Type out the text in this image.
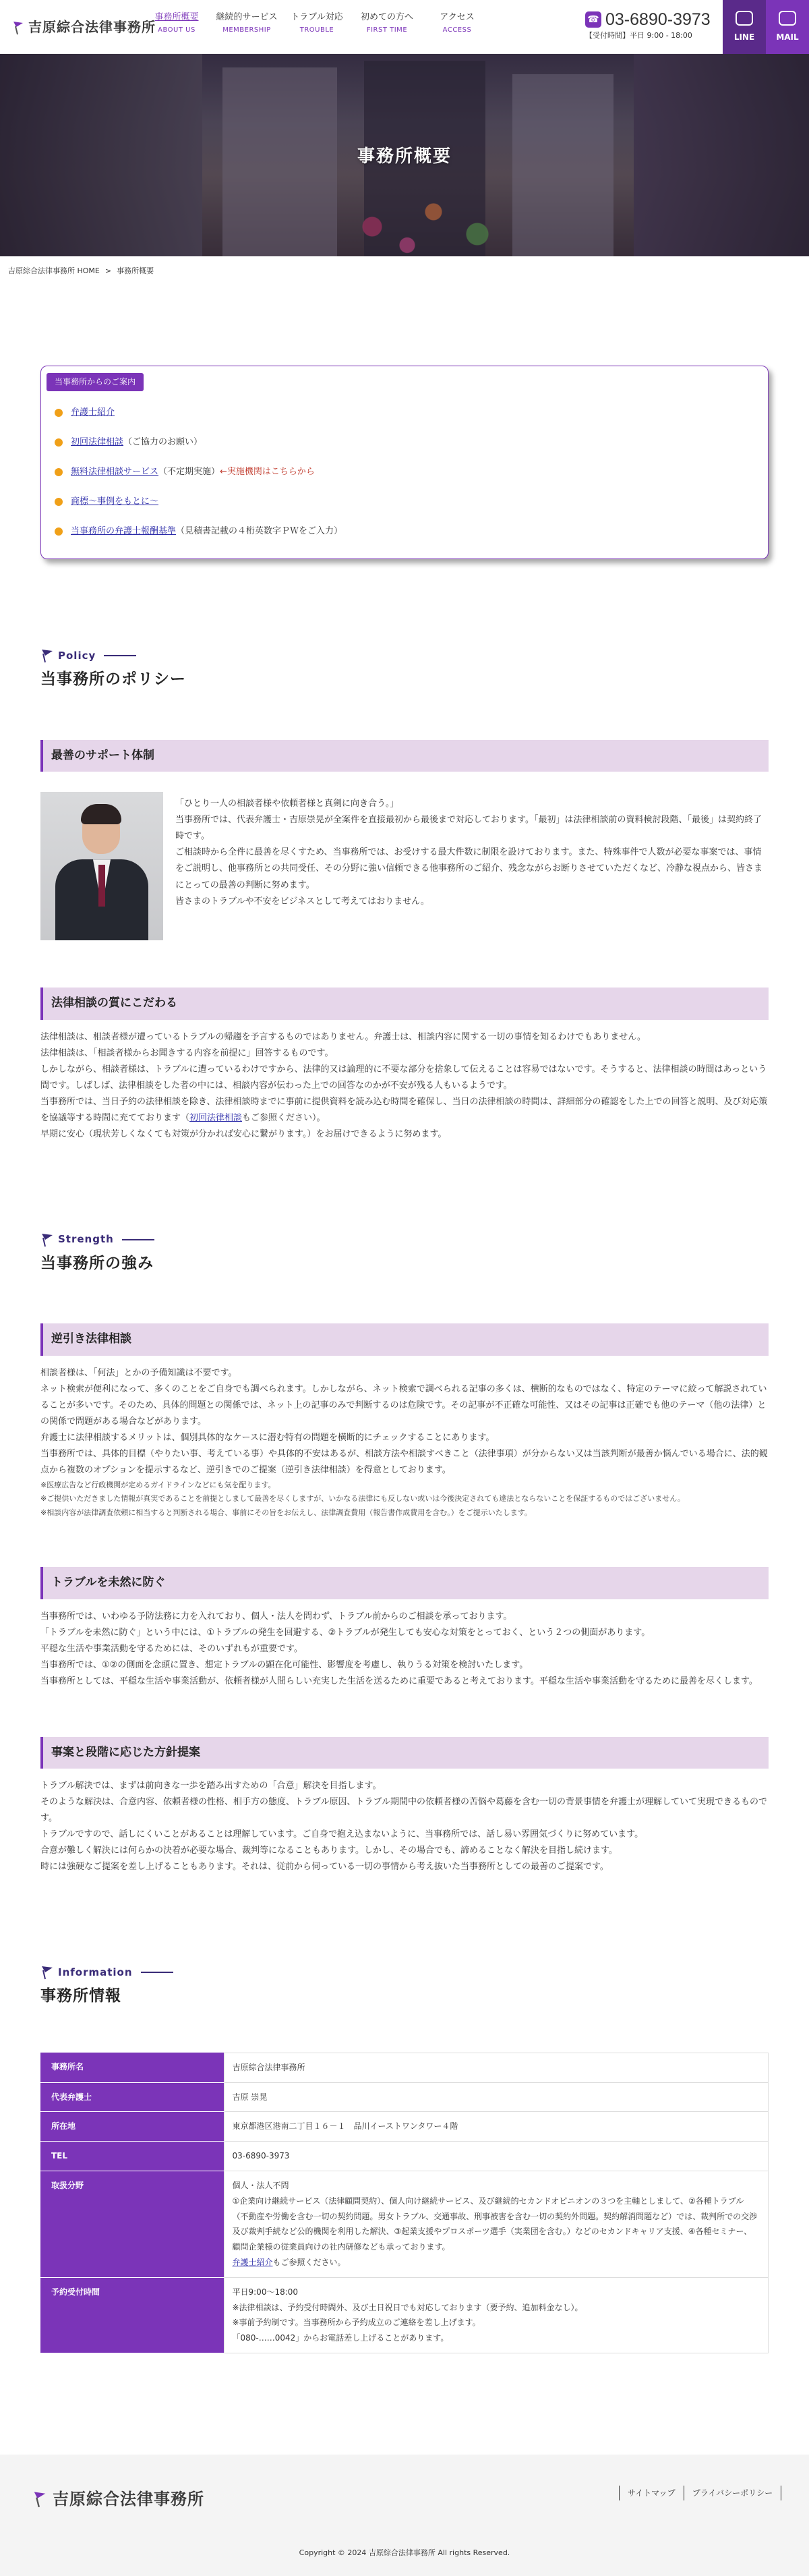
吉原綜合法律事務所
事務所概要
ABOUT US
継続的サービス
MEMBERSHIP
トラブル対応
TROUBLE
初めての方へ
FIRST TIME
アクセス
ACCESS
☎ 03-6890-3973
【受付時間】平日 9:00 - 18:00	LINE	MAIL
事務所概要
吉原綜合法律事務所 HOME > 事務所概要
当事務所からのご案内
弁護士紹介
初回法律相談（ご協力のお願い）
無料法律相談サービス（不定期実施）←実施機関はこちらから
商標〜事例をもとに〜
当事務所の弁護士報酬基準（見積書記載の４桁英数字ＰＷをご入力）
Policy
当事務所のポリシー
最善のサポート体制

「ひとり一人の相談者様や依頼者様と真剣に向き合う。」

当事務所では、代表弁護士・吉原崇晃が全案件を直接最初から最後まで対応しております。「最初」は法律相談前の資料検討段階、「最後」は契約終了時です。

ご相談時から全件に最善を尽くすため、当事務所では、お受けする最大件数に制限を設けております。また、特殊事件で人数が必要な事案では、事情をご説明し、他事務所との共同受任、その分野に強い信頼できる他事務所のご紹介、残念ながらお断りさせていただくなど、冷静な視点から、皆さまにとっての最善の判断に努めます。

皆さまのトラブルや不安をビジネスとして考えてはおりません。

法律相談の質にこだわる

法律相談は、相談者様が遭っているトラブルの帰趨を予言するものではありません。弁護士は、相談内容に関する一切の事情を知るわけでもありません。

法律相談は、「相談者様からお聞きする内容を前提に」回答するものです。

しかしながら、相談者様は、トラブルに遭っているわけですから、法律的又は論理的に不要な部分を捨象して伝えることは容易ではないです。そうすると、法律相談の時間はあっという間です。しばしば、法律相談をした者の中には、相談内容が伝わった上での回答なのかが不安が残る人もいるようです。

当事務所では、当日予約の法律相談を除き、法律相談時までに事前に提供資料を読み込む時間を確保し、当日の法律相談の時間は、詳細部分の確認をした上での回答と説明、及び対応策を協議等する時間に充てております（初回法律相談もご参照ください）。

早期に安心（現状芳しくなくても対策が分かれば安心に繋がります。）をお届けできるように努めます。

Strength
当事務所の強み
逆引き法律相談

相談者様は、「何法」とかの予備知識は不要です。

ネット検索が便利になって、多くのことをご自身でも調べられます。しかしながら、ネット検索で調べられる記事の多くは、横断的なものではなく、特定のテーマに絞って解説されていることが多いです。そのため、具体的問題との関係では、ネット上の記事のみで判断するのは危険です。その記事が不正確な可能性、又はその記事は正確でも他のテーマ（他の法律）との関係で問題がある場合などがあります。

弁護士に法律相談するメリットは、個別具体的なケースに潜む特有の問題を横断的にチェックすることにあります。

当事務所では、具体的目標（やりたい事、考えている事）や具体的不安はあるが、相談方法や相談すべきこと（法律事項）が分からない又は当該判断が最善か悩んでいる場合に、法的観点から複数のオプションを提示するなど、逆引きでのご提案（逆引き法律相談）を得意としております。

※医療広告など行政機関が定めるガイドラインなどにも気を配ります。

※ご提供いただきました情報が真実であることを前提としまして最善を尽くしますが、いかなる法律にも反しない或いは今後決定されても違法とならないことを保証するものではございません。

※相談内容が法律調査依頼に相当すると判断される場合、事前にその旨をお伝えし、法律調査費用（報告書作成費用を含む。）をご提示いたします。

トラブルを未然に防ぐ

当事務所では、いわゆる予防法務に力を入れており、個人・法人を問わず、トラブル前からのご相談を承っております。

「トラブルを未然に防ぐ」という中には、①トラブルの発生を回避する、②トラブルが発生しても安心な対策をとっておく、という２つの側面があります。

平穏な生活や事業活動を守るためには、そのいずれもが重要です。

当事務所では、①②の側面を念頭に置き、想定トラブルの顕在化可能性、影響度を考慮し、執りうる対策を検討いたします。

当事務所としては、平穏な生活や事業活動が、依頼者様が人間らしい充実した生活を送るために重要であると考えております。平穏な生活や事業活動を守るために最善を尽くします。

事案と段階に応じた方針提案

トラブル解決では、まずは前向きな一歩を踏み出すための「合意」解決を目指します。

そのような解決は、合意内容、依頼者様の性格、相手方の態度、トラブル原因、トラブル期間中の依頼者様の苦悩や葛藤を含む一切の背景事情を弁護士が理解していて実現できるものです。

トラブルですので、話しにくいことがあることは理解しています。ご自身で抱え込まないように、当事務所では、話し易い雰囲気づくりに努めています。

合意が難しく解決には何らかの決着が必要な場合、裁判等になることもあります。しかし、その場合でも、諦めることなく解決を目指し続けます。

時には強硬なご提案を差し上げることもあります。それは、従前から伺っている一切の事情から考え抜いた当事務所としての最善のご提案です。

Information
事務所情報
事務所名	吉原綜合法律事務所
代表弁護士	吉原 崇晃
所在地	東京都港区港南二丁目１６－１　品川イーストワンタワー４階
TEL	03-6890-3973
取扱分野	個人・法人不問
①企業向け継続サービス（法律顧問契約）、個人向け継続サービス、及び継続的セカンドオピニオンの３つを主軸としまして、②各種トラブル（不動産や労働を含む一切の契約問題。男女トラブル、交通事故、刑事被害を含む一切の契約外問題。契約解消問題など）では、裁判所での交渉及び裁判手続など公的機関を利用した解決、③起業支援やプロスポーツ選手（実業団を含む。）などのセカンドキャリア支援、④各種セミナー、顧問企業様の従業員向けの社内研修なども承っております。
弁護士紹介もご参照ください。

予約受付時間	平日9:00〜18:00
※法律相談は、予約受付時間外、及び土日祝日でも対応しております（要予約、追加料金なし）。
※事前予約制です。当事務所から予約成立のご連絡を差し上げます。
「080-……0042」からお電話差し上げることがあります。
吉原綜合法律事務所	サイトマップ	プライバシーポリシー
Copyright © 2024 吉原綜合法律事務所 All rights Reserved.
